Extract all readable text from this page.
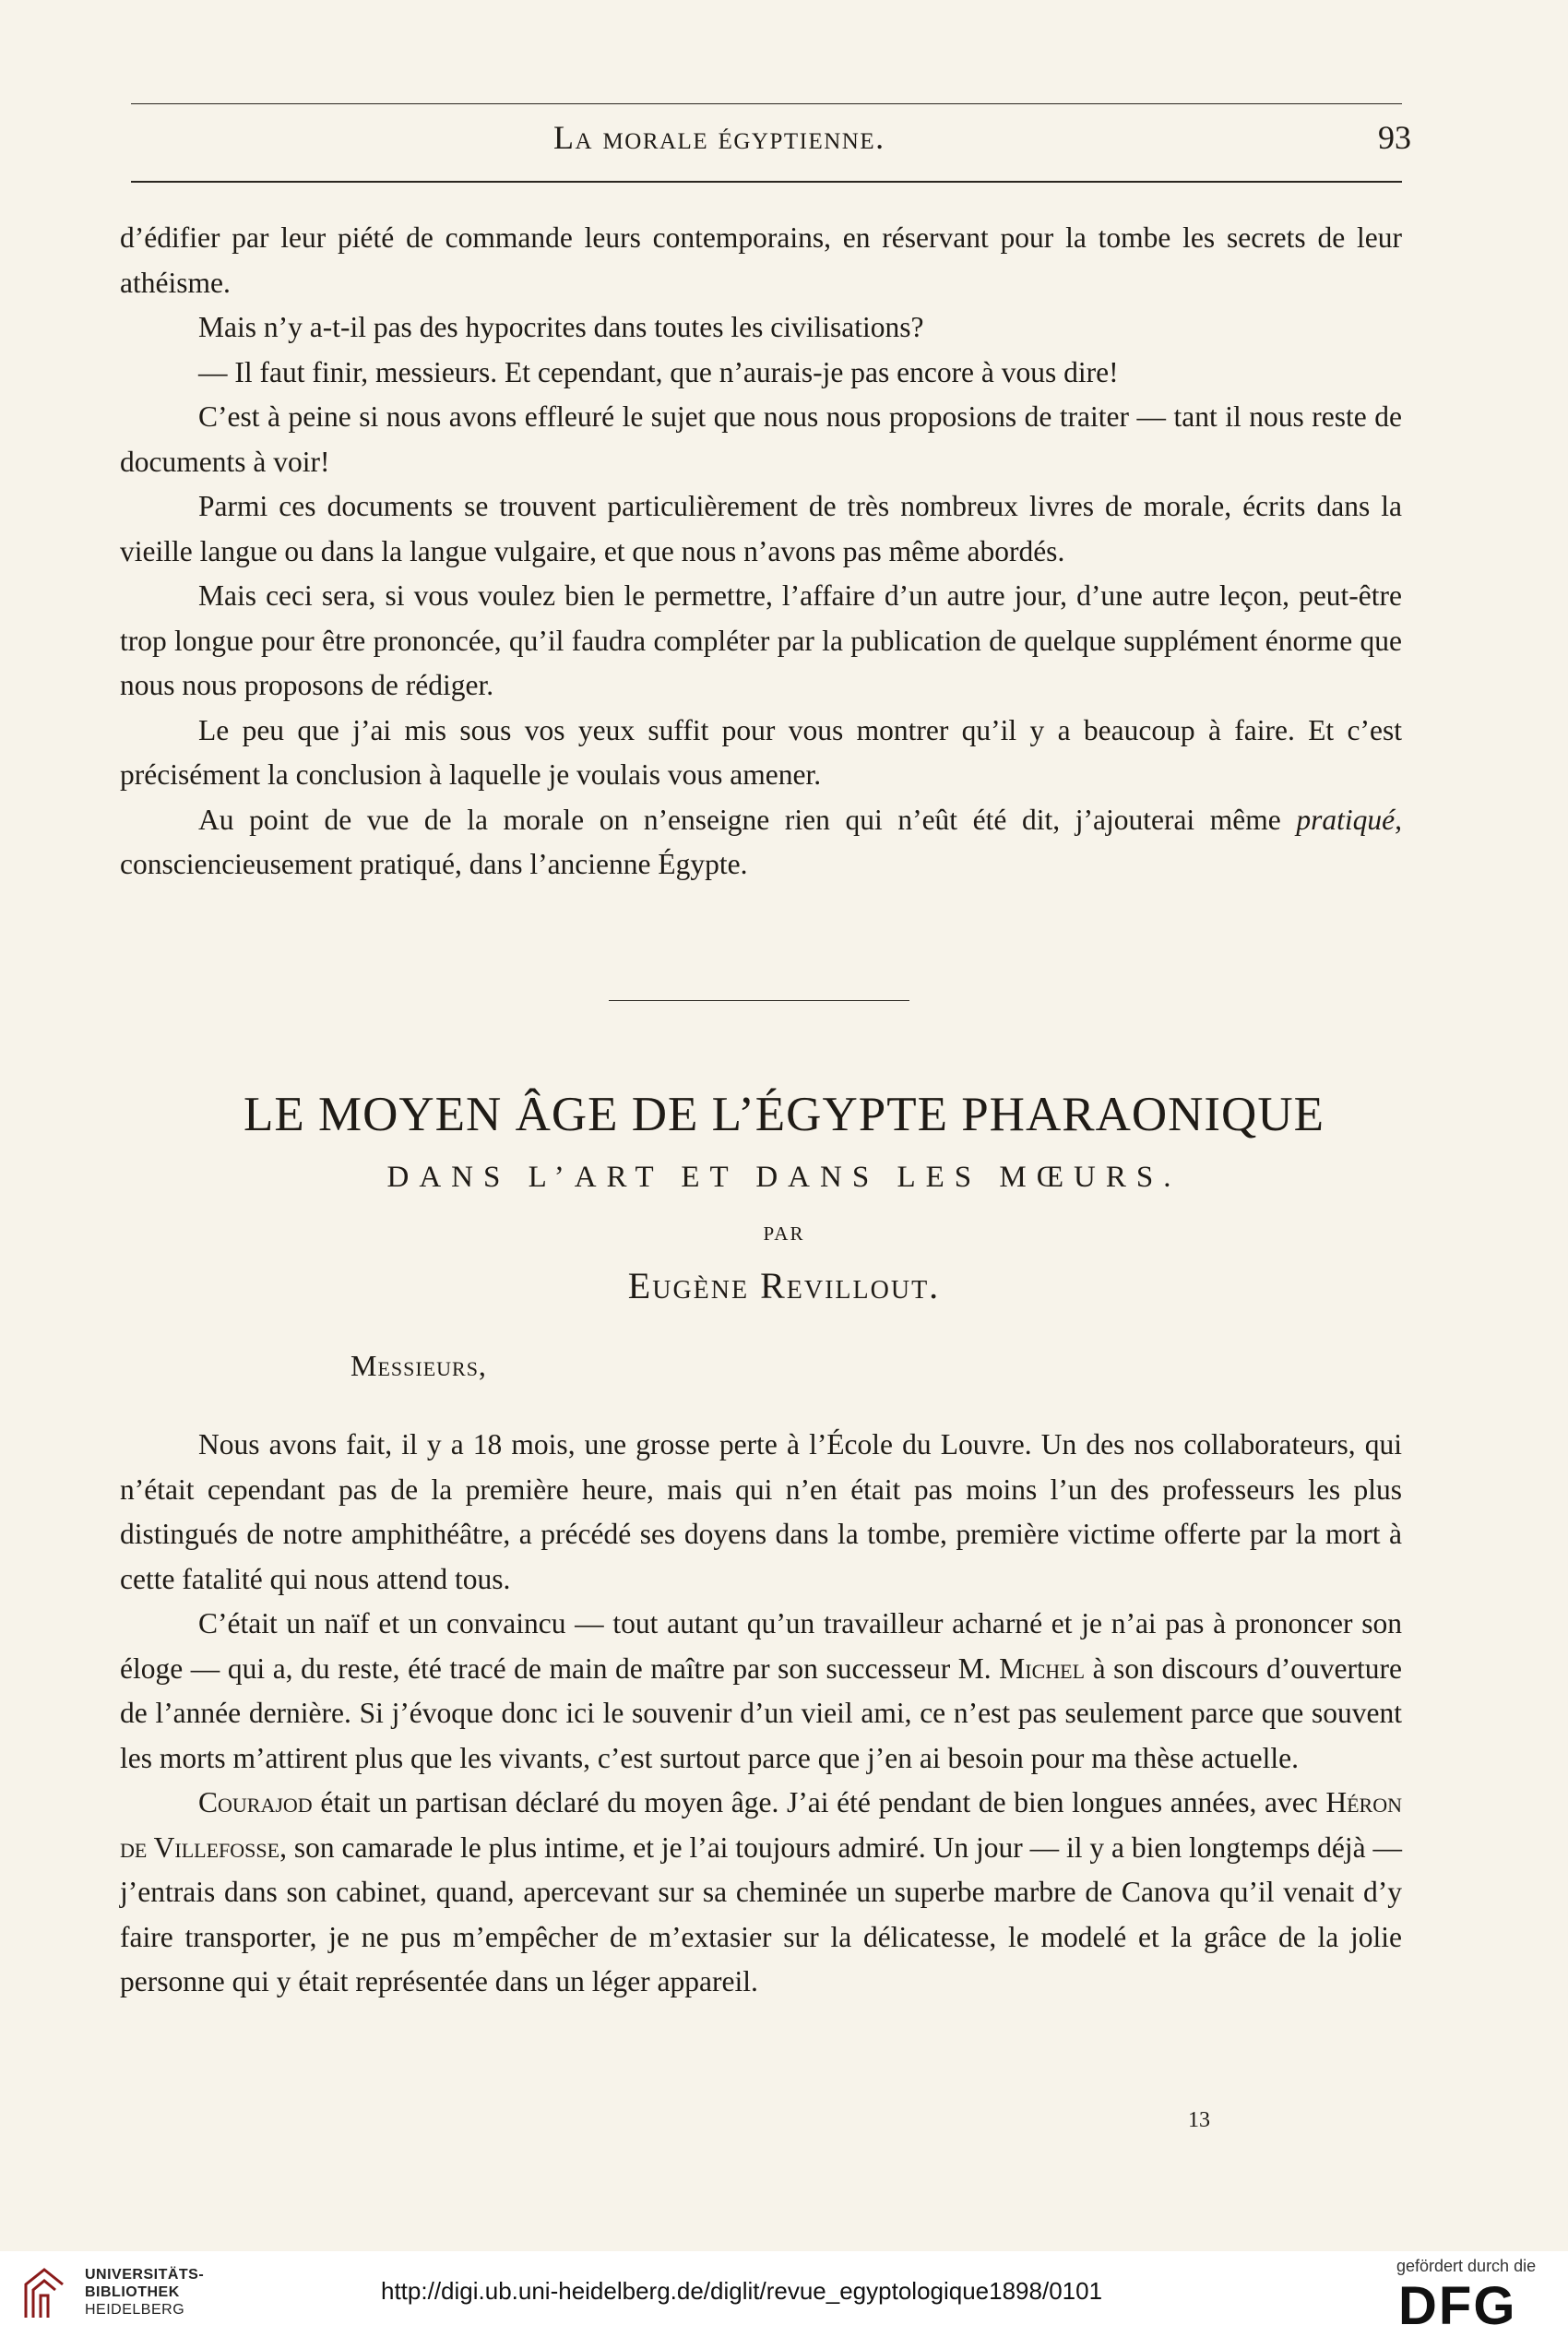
La morale égyptienne.	93

d’édifier par leur piété de commande leurs contemporains, en réservant pour la tombe les secrets de leur athéisme.

Mais n’y a-t-il pas des hypocrites dans toutes les civilisations?

— Il faut finir, messieurs. Et cependant, que n’aurais-je pas encore à vous dire!

C’est à peine si nous avons effleuré le sujet que nous nous proposions de traiter — tant il nous reste de documents à voir!

Parmi ces documents se trouvent particulièrement de très nombreux livres de morale, écrits dans la vieille langue ou dans la langue vulgaire, et que nous n’avons pas même abordés.

Mais ceci sera, si vous voulez bien le permettre, l’affaire d’un autre jour, d’une autre leçon, peut-être trop longue pour être prononcée, qu’il faudra compléter par la publication de quelque supplément énorme que nous nous proposons de rédiger.

Le peu que j’ai mis sous vos yeux suffit pour vous montrer qu’il y a beaucoup à faire. Et c’est précisément la conclusion à laquelle je voulais vous amener.

Au point de vue de la morale on n’enseigne rien qui n’eût été dit, j’ajouterai même pratiqué, consciencieusement pratiqué, dans l’ancienne Égypte.

LE MOYEN ÂGE DE L’ÉGYPTE PHARAONIQUE
DANS L’ART ET DANS LES MŒURS.
PAR
Eugène Revillout.
Messieurs,

Nous avons fait, il y a 18 mois, une grosse perte à l’École du Louvre. Un des nos collaborateurs, qui n’était cependant pas de la première heure, mais qui n’en était pas moins l’un des professeurs les plus distingués de notre amphithéâtre, a précédé ses doyens dans la tombe, première victime offerte par la mort à cette fatalité qui nous attend tous.

C’était un naïf et un convaincu — tout autant qu’un travailleur acharné et je n’ai pas à prononcer son éloge — qui a, du reste, été tracé de main de maître par son successeur M. Michel à son discours d’ouverture de l’année dernière. Si j’évoque donc ici le souvenir d’un vieil ami, ce n’est pas seulement parce que souvent les morts m’attirent plus que les vivants, c’est surtout parce que j’en ai besoin pour ma thèse actuelle.

Courajod était un partisan déclaré du moyen âge. J’ai été pendant de bien longues années, avec Héron de Villefosse, son camarade le plus intime, et je l’ai toujours admiré. Un jour — il y a bien longtemps déjà — j’entrais dans son cabinet, quand, apercevant sur sa cheminée un superbe marbre de Canova qu’il venait d’y faire transporter, je ne pus m’empêcher de m’extasier sur la délicatesse, le modelé et la grâce de la jolie personne qui y était représentée dans un léger appareil.

13
UNIVERSITÄTS-
BIBLIOTHEK
HEIDELBERG
http://digi.ub.uni-heidelberg.de/diglit/revue_egyptologique1898/0101
gefördert durch die
DFG
